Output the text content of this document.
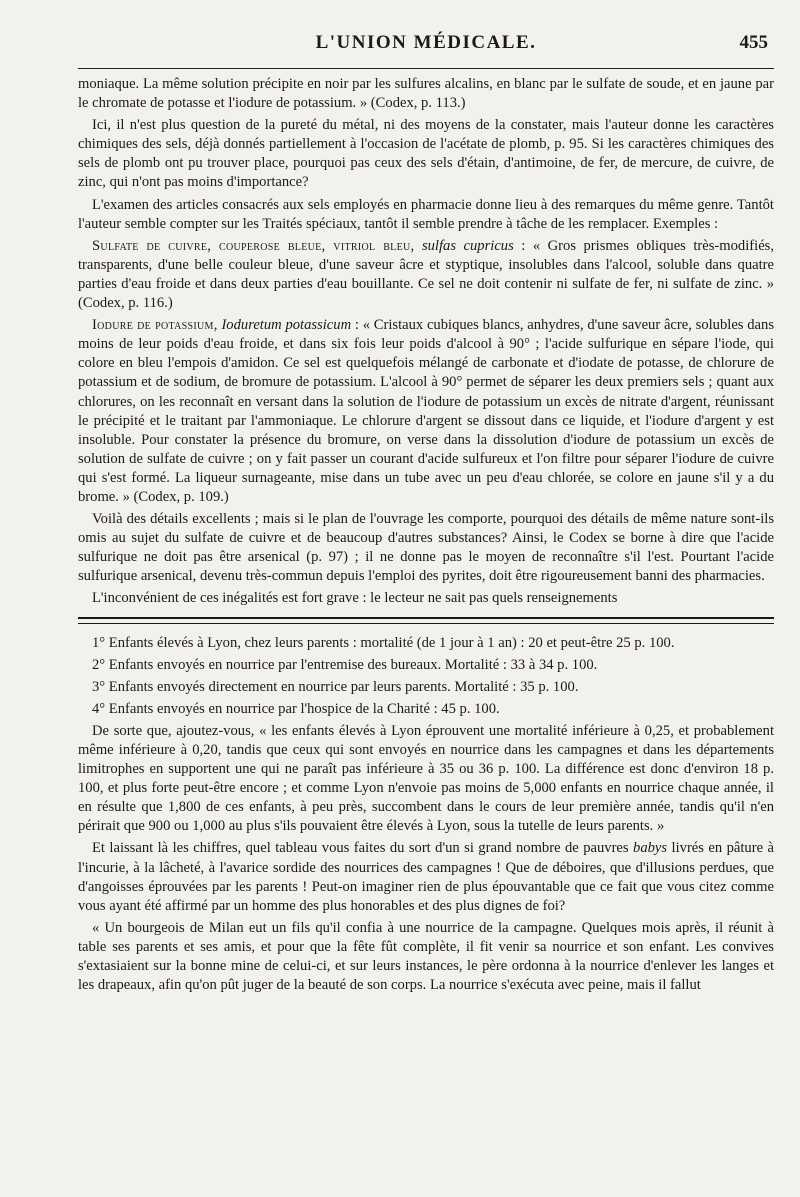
L'UNION MÉDICALE.	455

moniaque. La même solution précipite en noir par les sulfures alcalins, en blanc par le sulfate de soude, et en jaune par le chromate de potasse et l'iodure de potassium. » (Codex, p. 113.)

Ici, il n'est plus question de la pureté du métal, ni des moyens de la constater, mais l'auteur donne les caractères chimiques des sels, déjà donnés partiellement à l'occasion de l'acétate de plomb, p. 95. Si les caractères chimiques des sels de plomb ont pu trouver place, pourquoi pas ceux des sels d'étain, d'antimoine, de fer, de mercure, de cuivre, de zinc, qui n'ont pas moins d'importance?

L'examen des articles consacrés aux sels employés en pharmacie donne lieu à des remarques du même genre. Tantôt l'auteur semble compter sur les Traités spéciaux, tantôt il semble prendre à tâche de les remplacer. Exemples :

Sulfate de cuivre, couperose bleue, vitriol bleu, sulfas cupricus : « Gros prismes obliques très-modifiés, transparents, d'une belle couleur bleue, d'une saveur âcre et styptique, insolubles dans l'alcool, soluble dans quatre parties d'eau froide et dans deux parties d'eau bouillante. Ce sel ne doit contenir ni sulfate de fer, ni sulfate de zinc. » (Codex, p. 116.)

Iodure de potassium, Ioduretum potassicum : « Cristaux cubiques blancs, anhydres, d'une saveur âcre, solubles dans moins de leur poids d'eau froide, et dans six fois leur poids d'alcool à 90° ; l'acide sulfurique en sépare l'iode, qui colore en bleu l'empois d'amidon. Ce sel est quelquefois mélangé de carbonate et d'iodate de potasse, de chlorure de potassium et de sodium, de bromure de potassium. L'alcool à 90° permet de séparer les deux premiers sels ; quant aux chlorures, on les reconnaît en versant dans la solution de l'iodure de potassium un excès de nitrate d'argent, réunissant le précipité et le traitant par l'ammoniaque. Le chlorure d'argent se dissout dans ce liquide, et l'iodure d'argent y est insoluble. Pour constater la présence du bromure, on verse dans la dissolution d'iodure de potassium un excès de solution de sulfate de cuivre ; on y fait passer un courant d'acide sulfureux et l'on filtre pour séparer l'iodure de cuivre qui s'est formé. La liqueur surnageante, mise dans un tube avec un peu d'eau chlorée, se colore en jaune s'il y a du brome. » (Codex, p. 109.)

Voilà des détails excellents ; mais si le plan de l'ouvrage les comporte, pourquoi des détails de même nature sont-ils omis au sujet du sulfate de cuivre et de beaucoup d'autres substances? Ainsi, le Codex se borne à dire que l'acide sulfurique ne doit pas être arsenical (p. 97) ; il ne donne pas le moyen de reconnaître s'il l'est. Pourtant l'acide sulfurique arsenical, devenu très-commun depuis l'emploi des pyrites, doit être rigoureusement banni des pharmacies.

L'inconvénient de ces inégalités est fort grave : le lecteur ne sait pas quels renseignements

1° Enfants élevés à Lyon, chez leurs parents : mortalité (de 1 jour à 1 an) : 20 et peut-être 25 p. 100.

2° Enfants envoyés en nourrice par l'entremise des bureaux. Mortalité : 33 à 34 p. 100.

3° Enfants envoyés directement en nourrice par leurs parents. Mortalité : 35 p. 100.

4° Enfants envoyés en nourrice par l'hospice de la Charité : 45 p. 100.

De sorte que, ajoutez-vous, « les enfants élevés à Lyon éprouvent une mortalité inférieure à 0,25, et probablement même inférieure à 0,20, tandis que ceux qui sont envoyés en nourrice dans les campagnes et dans les départements limitrophes en supportent une qui ne paraît pas inférieure à 35 ou 36 p. 100. La différence est donc d'environ 18 p. 100, et plus forte peut-être encore ; et comme Lyon n'envoie pas moins de 5,000 enfants en nourrice chaque année, il en résulte que 1,800 de ces enfants, à peu près, succombent dans le cours de leur première année, tandis qu'il n'en périrait que 900 ou 1,000 au plus s'ils pouvaient être élevés à Lyon, sous la tutelle de leurs parents. »

Et laissant là les chiffres, quel tableau vous faites du sort d'un si grand nombre de pauvres babys livrés en pâture à l'incurie, à la lâcheté, à l'avarice sordide des nourrices des campagnes ! Que de déboires, que d'illusions perdues, que d'angoisses éprouvées par les parents ! Peut-on imaginer rien de plus épouvantable que ce fait que vous citez comme vous ayant été affirmé par un homme des plus honorables et des plus dignes de foi?

« Un bourgeois de Milan eut un fils qu'il confia à une nourrice de la campagne. Quelques mois après, il réunit à table ses parents et ses amis, et pour que la fête fût complète, il fit venir sa nourrice et son enfant. Les convives s'extasiaient sur la bonne mine de celui-ci, et sur leurs instances, le père ordonna à la nourrice d'enlever les langes et les drapeaux, afin qu'on pût juger de la beauté de son corps. La nourrice s'exécuta avec peine, mais il fallut
